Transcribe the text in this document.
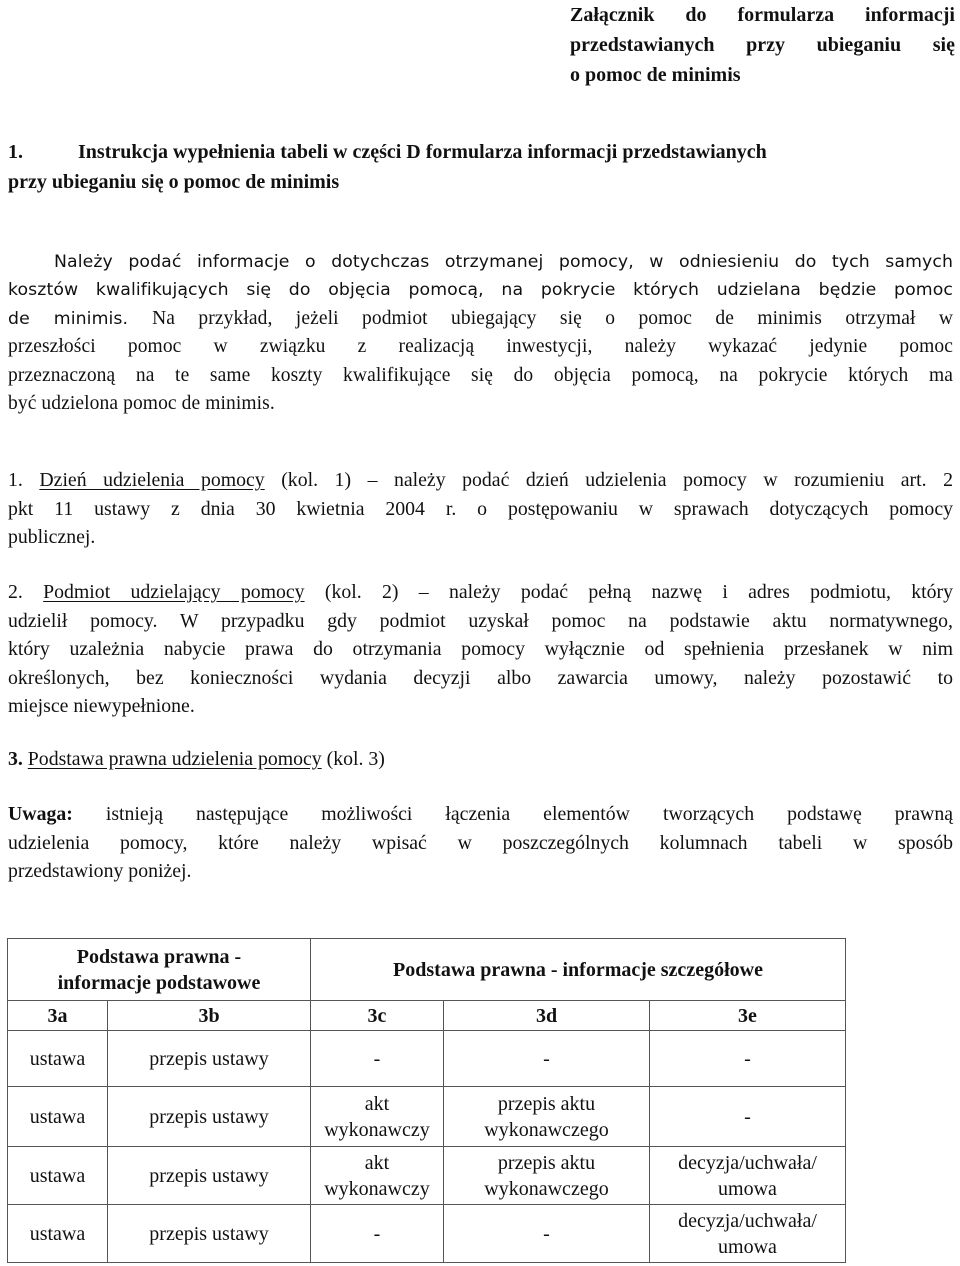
Załącznik do formularza informacji
przedstawianych przy ubieganiu się
o pomoc de minimis
1.	Instrukcja wypełnienia tabeli w części D formularza informacji przedstawianych
przy ubieganiu się o pomoc de minimis
Należy podać informacje o dotychczas otrzymanej pomocy, w odniesieniu do tych samych
kosztów kwalifikujących się do objęcia pomocą, na pokrycie których udzielana będzie pomoc
de minimis. Na przykład, jeżeli podmiot ubiegający się o pomoc de minimis otrzymał w
przeszłości pomoc w związku z realizacją inwestycji, należy wykazać jedynie pomoc
przeznaczoną na te same koszty kwalifikujące się do objęcia pomocą, na pokrycie których ma
być udzielona pomoc de minimis.
1. Dzień udzielenia pomocy (kol. 1) – należy podać dzień udzielenia pomocy w rozumieniu art. 2
pkt 11 ustawy z dnia 30 kwietnia 2004 r. o postępowaniu w sprawach dotyczących pomocy
publicznej.
2. Podmiot udzielający pomocy (kol. 2) – należy podać pełną nazwę i adres podmiotu, który
udzielił pomocy. W przypadku gdy podmiot uzyskał pomoc na podstawie aktu normatywnego,
który uzależnia nabycie prawa do otrzymania pomocy wyłącznie od spełnienia przesłanek w nim
określonych, bez konieczności wydania decyzji albo zawarcia umowy, należy pozostawić to
miejsce niewypełnione.
3. Podstawa prawna udzielenia pomocy (kol. 3)
Uwaga: istnieją następujące możliwości łączenia elementów tworzących podstawę prawną
udzielenia pomocy, które należy wpisać w poszczególnych kolumnach tabeli w sposób
przedstawiony poniżej.
Podstawa prawna -
informacje podstawowe		Podstawa prawna - informacje szczegółowe		
3a	3b	3c	3d	3e
ustawa	przepis ustawy	-	-	-
ustawa	przepis ustawy	akt wykonawczy	przepis aktu wykonawczego	-
ustawa	przepis ustawy	akt wykonawczy	przepis aktu wykonawczego	decyzja/uchwała/ umowa
ustawa	przepis ustawy	-	-	decyzja/uchwała/ umowa
